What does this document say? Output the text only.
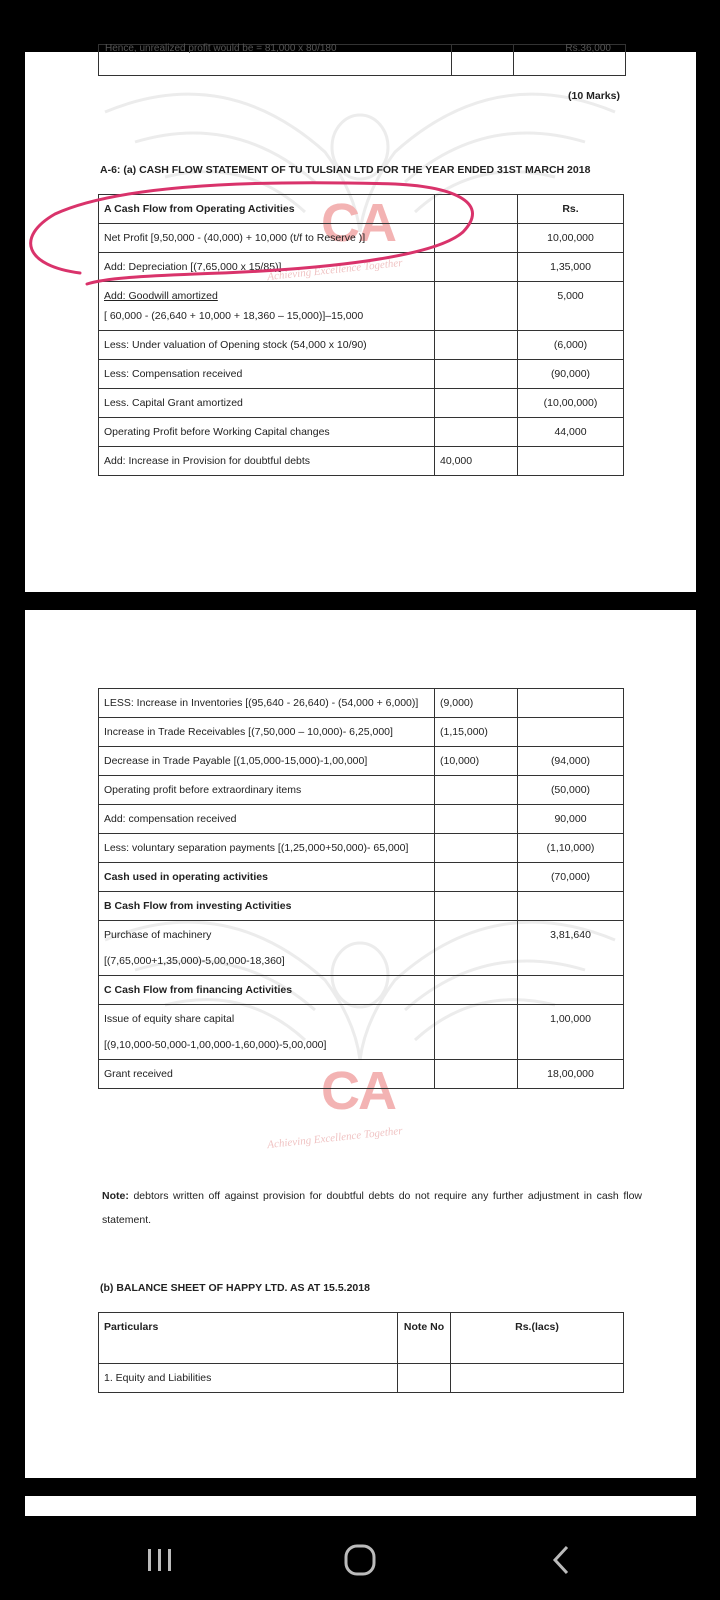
CA
Achieving Excellence Together
Hence, unrealized profit would be = 81,000 x 80/180	Rs.36,000
(10 Marks)
A-6: (a) CASH FLOW STATEMENT OF TU TULSIAN LTD FOR THE YEAR ENDED 31ST MARCH 2018
A Cash Flow from Operating Activities		Rs.
Net Profit [9,50,000 - (40,000) + 10,000 (t/f to Reserve )]		10,00,000
Add: Depreciation [(7,65,000 x 15/85)]		1,35,000

Add: Goodwill amortized
[ 60,000 - (26,640 + 10,000 + 18,360 – 15,000)]–15,000		5,000
Less: Under valuation of Opening stock (54,000 x 10/90)		(6,000)
Less: Compensation received		(90,000)
Less. Capital Grant amortized		(10,00,000)
Operating Profit before Working Capital changes		44,000
Add: Increase in Provision for doubtful debts	40,000	
CA
Achieving Excellence Together
LESS: Increase in Inventories [(95,640 - 26,640) - (54,000 + 6,000)]	(9,000)	
Increase in Trade Receivables [(7,50,000 – 10,000)- 6,25,000]	(1,15,000)	
Decrease in Trade Payable [(1,05,000-15,000)-1,00,000]	(10,000)	(94,000)
Operating profit before extraordinary items		(50,000)
Add: compensation received		90,000
Less: voluntary separation payments [(1,25,000+50,000)- 65,000]		(1,10,000)
Cash used in operating activities		(70,000)
B Cash Flow from investing Activities		

Purchase of machinery
[(7,65,000+1,35,000)-5,00,000-18,360]		3,81,640
C Cash Flow from financing Activities		

Issue of equity share capital
[(9,10,000-50,000-1,00,000-1,60,000)-5,00,000]		1,00,000
Grant received		18,00,000
Note: debtors written off against provision for doubtful debts do not require any further adjustment in cash flow statement.
(b) BALANCE SHEET OF HAPPY LTD. AS AT 15.5.2018
Particulars	Note No	Rs.(lacs)
1. Equity and Liabilities		
